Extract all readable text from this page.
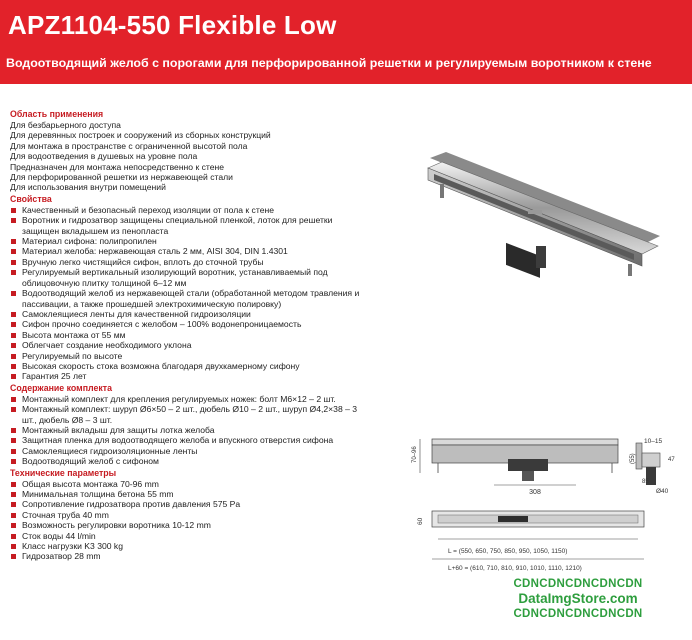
APZ1104-550 Flexible Low
Водоотводящий желоб с порогами для перфорированной решетки и регулируемым воротником к стене
Область применения
Для безбарьерного доступа
Для деревянных построек и сооружений из сборных конструкций
Для монтажа в пространстве с ограниченной высотой пола
Для водоотведения в душевых на уровне пола
Предназначен для монтажа непосредственно к стене
Для перфорированной решетки из нержавеющей стали
Для использования внутри помещений
Свойства
Качественный и безопасный переход изоляции от пола к стене
Воротник и гидрозатвор защищены специальной пленкой, лоток для решетки защищен вкладышем из пенопласта
Материал сифона: полипропилен
Материал желоба: нержавеющая сталь 2 мм, AISI 304, DIN 1.4301
Вручную легко чистящийся сифон, вплоть до сточной трубы
Регулируемый вертикальный изолирующий воротник, устанавливаемый под облицовочную плитку толщиной 6–12 мм
Водоотводящий желоб из нержавеющей стали (обработанной методом травления и пассивации, а также прошедшей электрохимическую полировку)
Самоклеящиеся ленты для качественной гидроизоляции
Сифон прочно соединяется с желобом – 100% водонепроницаемость
Высота монтажа от 55 мм
Облегчает создание необходимого уклона
Регулируемый по высоте
Высокая скорость стока возможна благодаря двухкамерному сифону
Гарантия 25 лет
Содержание комплекта
Монтажный комплект для крепления регулируемых ножек: болт М6×12 – 2 шт.
Монтажный комплект: шуруп Ø6×50 – 2 шт., дюбель Ø10 – 2 шт., шуруп Ø4,2×38 – 3 шт., дюбель Ø8 – 3 шт.
Монтажный вкладыш для защиты лотка желоба
Защитная пленка для водоотводящего желоба и впускного отверстия сифона
Самоклеящиеся гидроизоляционные ленты
Водоотводящий желоб с сифоном
Технические параметры
Общая высота монтажа 70-96 mm
Минимальная толщина бетона 55 mm
Сопротивление гидрозатвора против давления 575 Pa
Сточная труба 40 mm
Возможность регулировки воротника 10-12 mm
Сток воды 44 l/min
Класс нагрузки K3 300 kg
Гидрозатвор 28 mm
308
70–96	(55)
10–15
47
85
Ø40
60
L = (550, 650, 750, 850, 950, 1050, 1150)
L+60 = (610, 710, 810, 910, 1010, 1110, 1210)
CDNCDNCDNCDNCDN
DataImgStore.com
CDNCDNCDNCDNCDN
